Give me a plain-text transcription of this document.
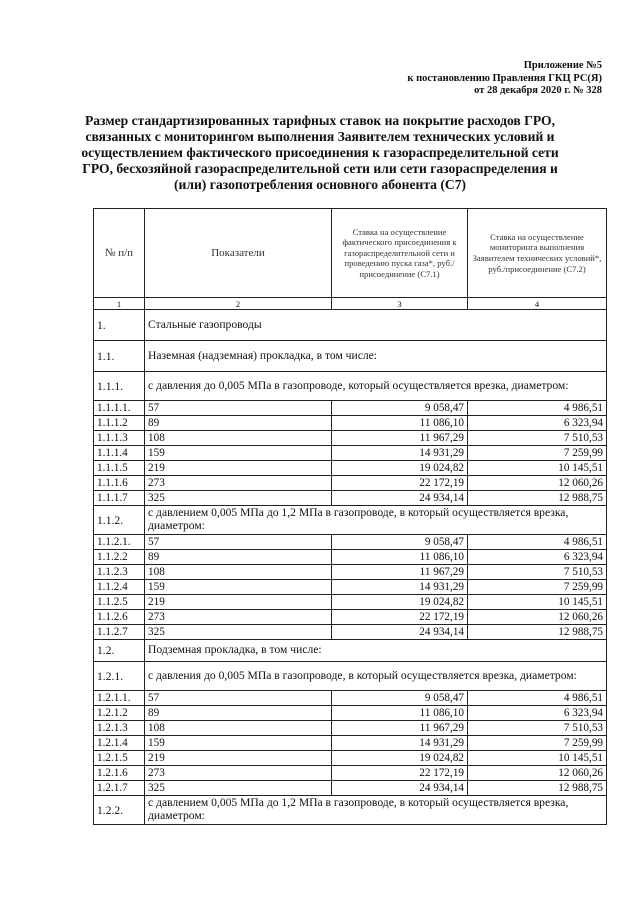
Приложение №5
к постановлению Правления ГКЦ РС(Я)
от 28 декабря 2020 г. № 328
Размер стандартизированных тарифных ставок на покрытие расходов ГРО, связанных с мониторингом выполнения Заявителем технических условий и осуществлением фактического присоединения к газораспределительной сети ГРО, бесхозяйной газораспределительной сети или сети газораспределения и (или) газопотребления основного абонента (С7)
№ п/п	Показатели	Ставка на осуществление фактического присоединения к газораспределительной сети и проведению пуска газа*, руб./присоединение (С7.1)	Ставка на осуществление мониторинга выполнения Заявителем технических условий*, руб./присоединение (С7.2)
1	2	3	4
1.	Стальные газопроводы		
1.1.	Наземная (надземная) прокладка, в том числе:		
1.1.1.	с давления до 0,005 МПа в газопроводе, который осуществляется врезка, диаметром:		
1.1.1.1.	57	9 058,47	4 986,51
1.1.1.2	89	11 086,10	6 323,94
1.1.1.3	108	11 967,29	7 510,53
1.1.1.4	159	14 931,29	7 259,99
1.1.1.5	219	19 024,82	10 145,51
1.1.1.6	273	22 172,19	12 060,26
1.1.1.7	325	24 934,14	12 988,75
1.1.2.	с давлением 0,005 МПа до 1,2 МПа в газопроводе, в который осуществляется врезка, диаметром:		
1.1.2.1.	57	9 058,47	4 986,51
1.1.2.2	89	11 086,10	6 323,94
1.1.2.3	108	11 967,29	7 510,53
1.1.2.4	159	14 931,29	7 259,99
1.1.2.5	219	19 024,82	10 145,51
1.1.2.6	273	22 172,19	12 060,26
1.1.2.7	325	24 934,14	12 988,75
1.2.	Подземная прокладка, в том числе:		
1.2.1.	с давления до 0,005 МПа в газопроводе, в который осуществляется врезка, диаметром:		
1.2.1.1.	57	9 058,47	4 986,51
1.2.1.2	89	11 086,10	6 323,94
1.2.1.3	108	11 967,29	7 510,53
1.2.1.4	159	14 931,29	7 259,99
1.2.1.5	219	19 024,82	10 145,51
1.2.1.6	273	22 172,19	12 060,26
1.2.1.7	325	24 934,14	12 988,75
1.2.2.	с давлением 0,005 МПа до 1,2 МПа в газопроводе, в который осуществляется врезка, диаметром:		
